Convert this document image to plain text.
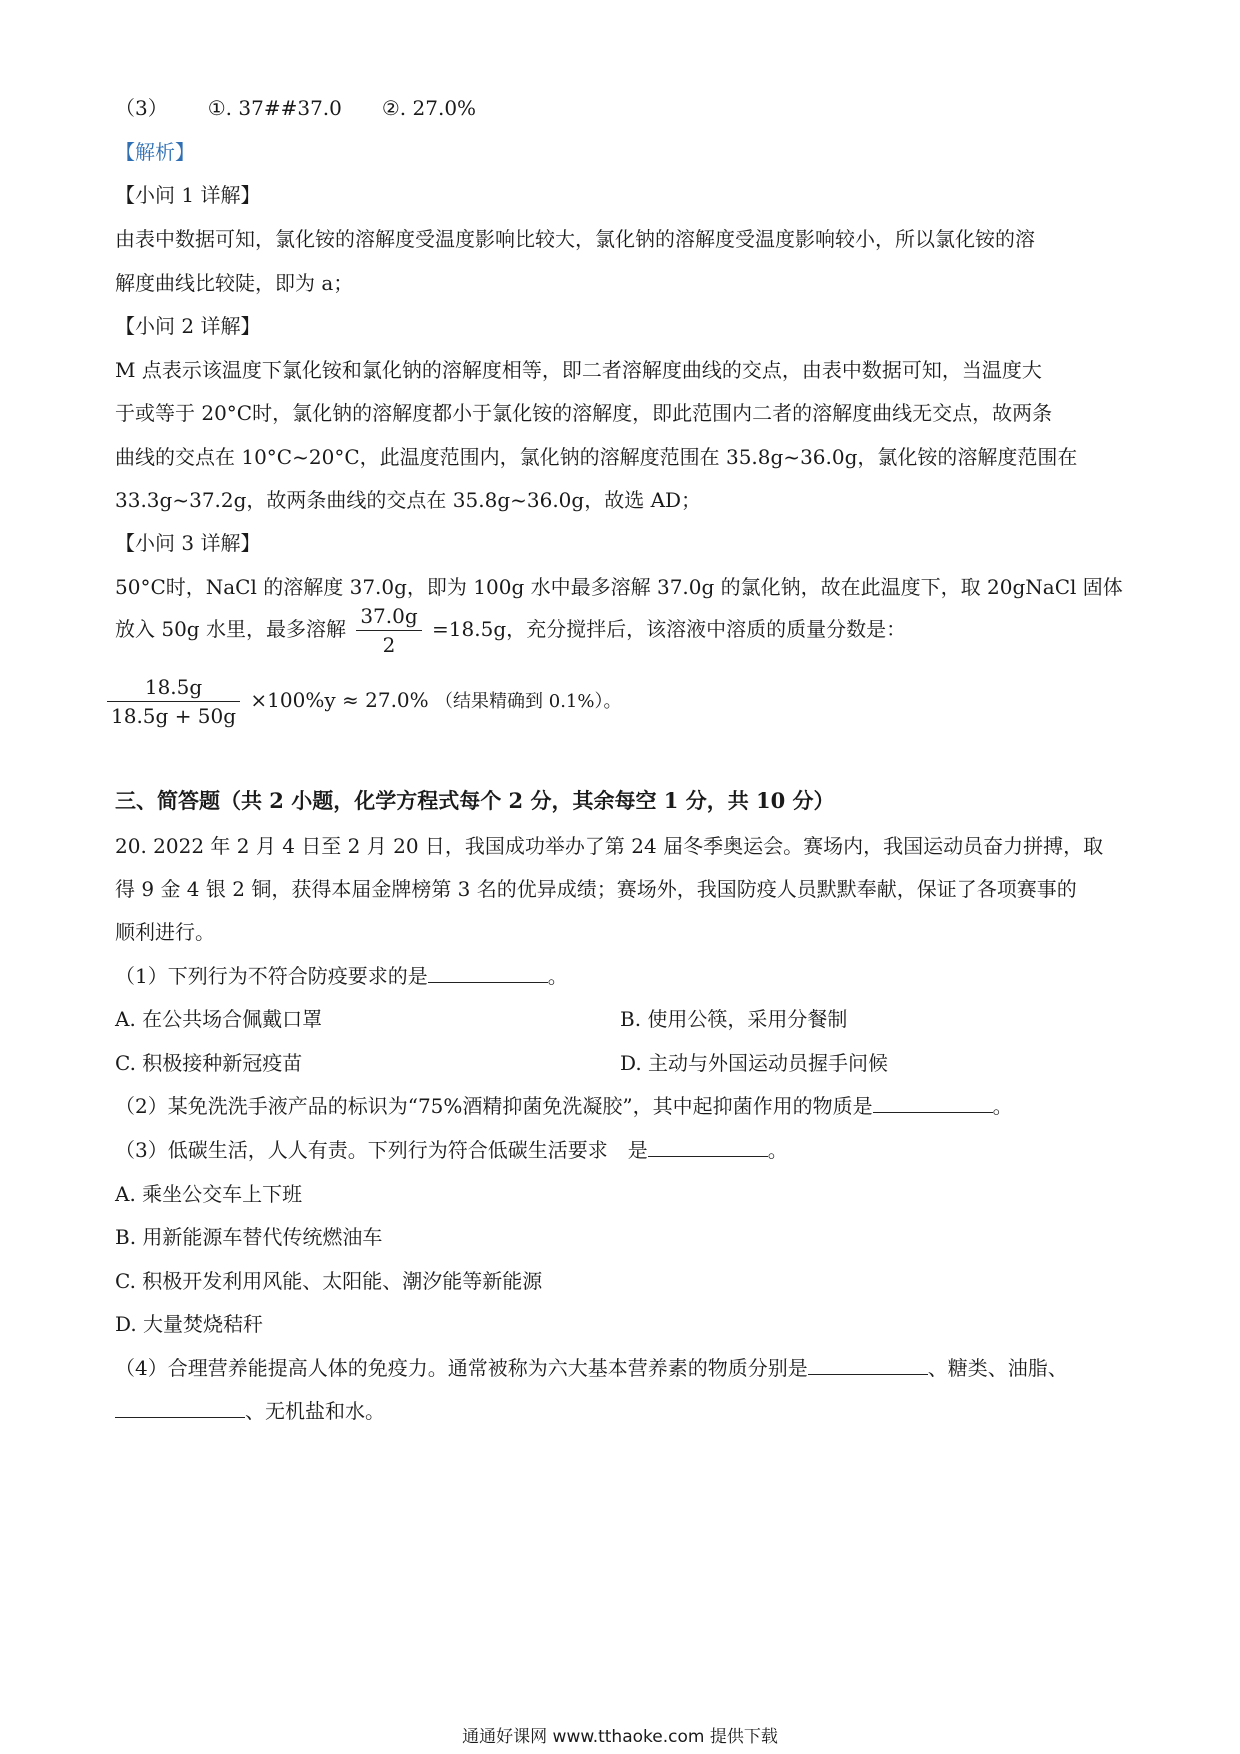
（3） ①. 37##37.0 ②. 27.0%
【解析】
【小问 1 详解】
由表中数据可知，氯化铵的溶解度受温度影响比较大，氯化钠的溶解度受温度影响较小，所以氯化铵的溶
解度曲线比较陡，即为 a；
【小问 2 详解】
M 点表示该温度下氯化铵和氯化钠的溶解度相等，即二者溶解度曲线的交点，由表中数据可知，当温度大
于或等于 20°C时，氯化钠的溶解度都小于氯化铵的溶解度，即此范围内二者的溶解度曲线无交点，故两条
曲线的交点在 10°C~20°C，此温度范围内，氯化钠的溶解度范围在 35.8g~36.0g，氯化铵的溶解度范围在
33.3g~37.2g，故两条曲线的交点在 35.8g~36.0g，故选 AD；
【小问 3 详解】
50°C时，NaCl 的溶解度 37.0g，即为 100g 水中最多溶解 37.0g 的氯化钠，故在此温度下，取 20gNaCl 固体
放入 50g 水里，最多溶解 $\frac{37.0g}{2} =18.5g$，充分搅拌后，该溶液中溶质的质量分数是：
$\frac{18.5g}{18.5g + 50g} \times 100\%y \approx 27.0\%$ （结果精确到 0.1%）。
三、简答题（共 2 小题，化学方程式每个 2 分，其余每空 1 分，共 10 分）
20. 2022 年 2 月 4 日至 2 月 20 日，我国成功举办了第 24 届冬季奥运会。赛场内，我国运动员奋力拼搏，取
得 9 金 4 银 2 铜，获得本届金牌榜第 3 名的优异成绩；赛场外，我国防疫人员默默奉献，保证了各项赛事的
顺利进行。
（1）下列行为不符合防疫要求的是	。
A. 在公共场合佩戴口罩	B. 使用公筷，采用分餐制
C. 积极接种新冠疫苗	D. 主动与外国运动员握手问候
（2）某免洗洗手液产品的标识为“75%酒精抑菌免洗凝胶”，其中起抑菌作用的物质是	。
（3）低碳生活，人人有责。下列行为符合低碳生活要求　是	。
A. 乘坐公交车上下班
B. 用新能源车替代传统燃油车
C. 积极开发利用风能、太阳能、潮汐能等新能源
D. 大量焚烧秸秆
（4）合理营养能提高人体的免疫力。通常被称为六大基本营养素的物质分别是	、糖类、油脂、
、无机盐和水。
通通好课网 www.tthaoke.com 提供下载
